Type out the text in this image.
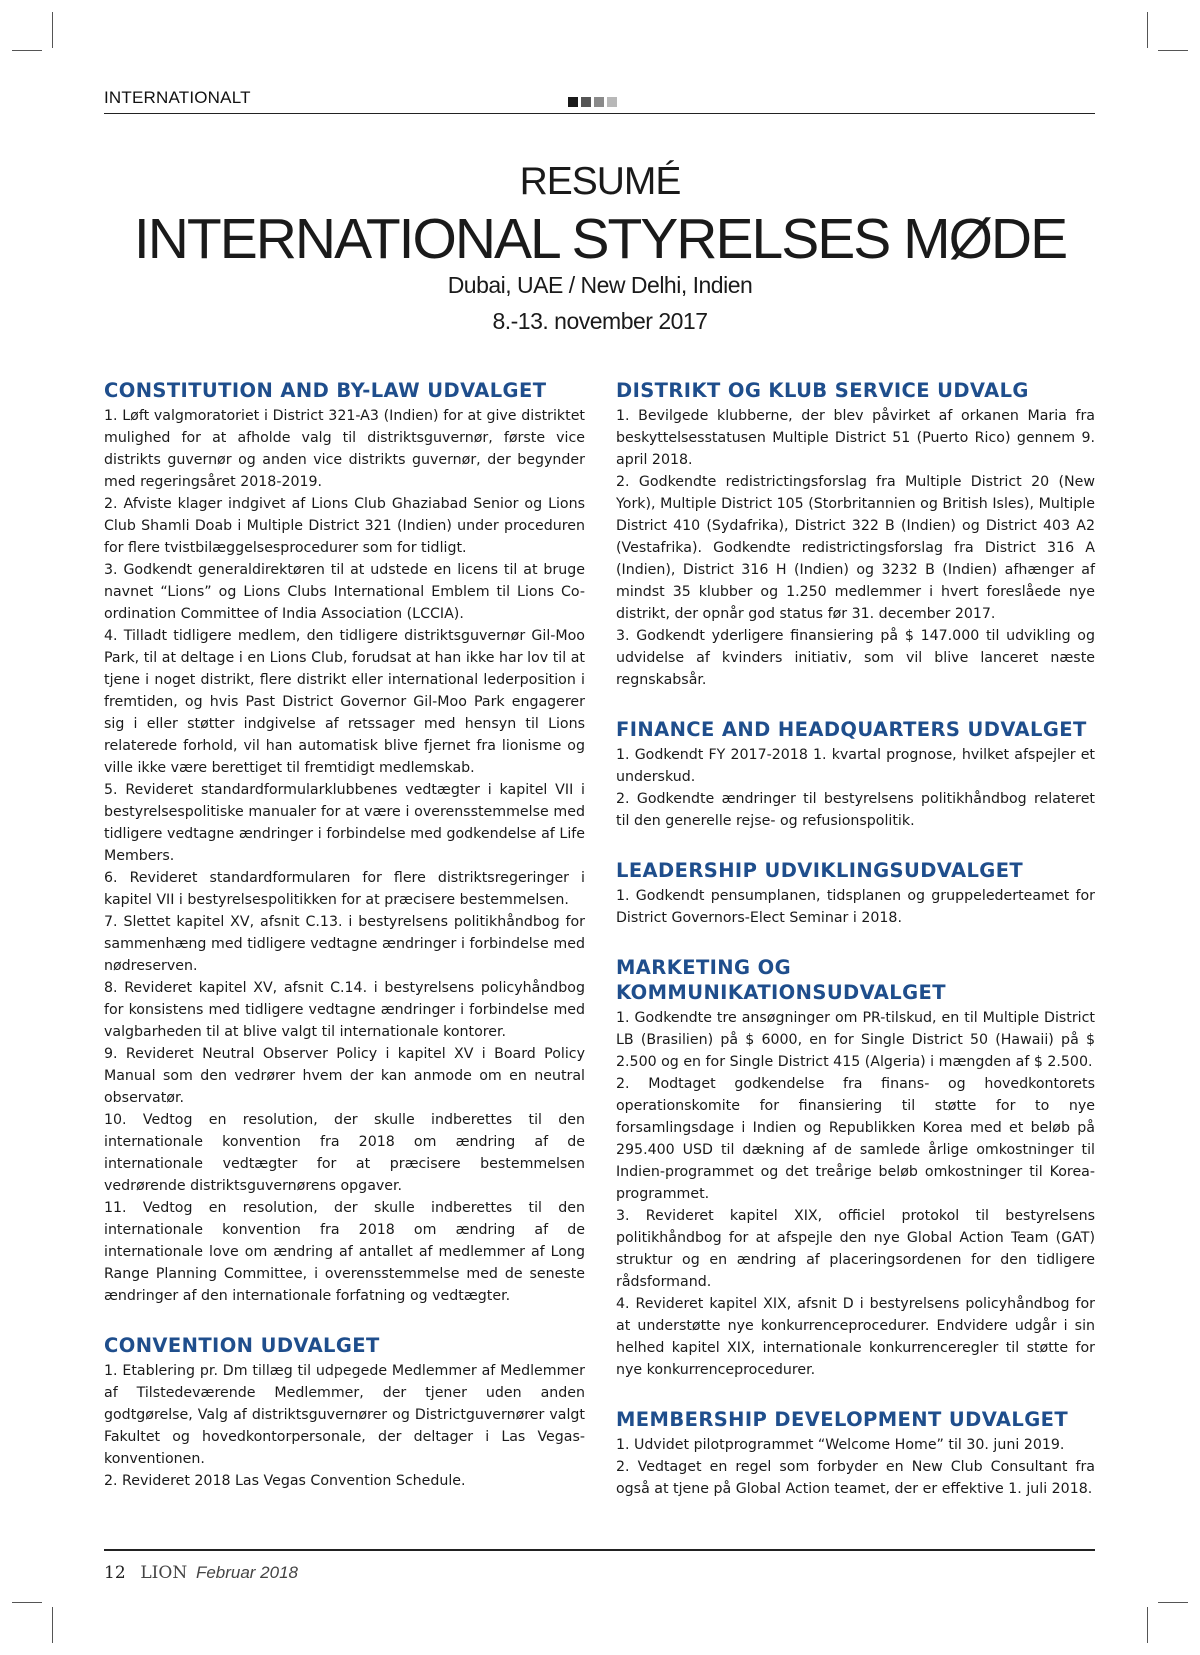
INTERNATIONALT
RESUMÉ
INTERNATIONAL STYRELSES MØDE
Dubai, UAE / New Delhi, Indien
8.-13. november 2017
CONSTITUTION AND BY-LAW UDVALGET

1. Løft valgmoratoriet i District 321-A3 (Indien) for at give distriktet mulighed for at afholde valg til distriktsguvernør, første vice distrikts guvernør og anden vice distrikts guvernør, der begynder med regeringsåret 2018-2019.

2. Afviste klager indgivet af Lions Club Ghaziabad Senior og Lions Club Shamli Doab i Multiple District 321 (Indien) under proceduren for flere tvistbilæggelsesprocedurer som for tidligt.

3. Godkendt generaldirektøren til at udstede en licens til at bruge navnet “Lions” og Lions Clubs International Emblem til Lions Co-ordination Committee of India Association (LCCIA).

4. Tilladt tidligere medlem, den tidligere distriktsguvernør Gil-Moo Park, til at deltage i en Lions Club, forudsat at han ikke har lov til at tjene i noget distrikt, flere distrikt eller international lederposition i fremtiden, og hvis Past District Governor Gil-Moo Park engagerer sig i eller støtter indgivelse af retssager med hensyn til Lions relaterede forhold, vil han automatisk blive fjernet fra lionisme og ville ikke være berettiget til fremtidigt medlemskab.

5. Revideret standardformularklubbenes vedtægter i kapitel VII i bestyrelsespolitiske manualer for at være i overensstemmelse med tidligere vedtagne ændringer i forbindelse med godkendelse af Life Members.

6. Revideret standardformularen for flere distriktsregeringer i kapitel VII i bestyrelsespolitikken for at præcisere bestemmelsen.

7. Slettet kapitel XV, afsnit C.13. i bestyrelsens politikhåndbog for sammenhæng med tidligere vedtagne ændringer i forbindelse med nødreserven.

8. Revideret kapitel XV, afsnit C.14. i bestyrelsens policyhåndbog for konsistens med tidligere vedtagne ændringer i forbindelse med valgbarheden til at blive valgt til internationale kontorer.

9. Revideret Neutral Observer Policy i kapitel XV i Board Policy Manual som den vedrører hvem der kan anmode om en neutral observatør.

10. Vedtog en resolution, der skulle indberettes til den internationale konvention fra 2018 om ændring af de internationale vedtægter for at præcisere bestemmelsen vedrørende distriktsguvernørens opgaver.

11. Vedtog en resolution, der skulle indberettes til den internationale konvention fra 2018 om ændring af de internationale love om ændring af antallet af medlemmer af Long Range Planning Committee, i overensstemmelse med de seneste ændringer af den internationale forfatning og vedtægter.

CONVENTION UDVALGET

1. Etablering pr. Dm tillæg til udpegede Medlemmer af Medlemmer af Tilstedeværende Medlemmer, der tjener uden anden godtgørelse, Valg af distriktsguvernører og Districtguvernører valgt Fakultet og hovedkontorpersonale, der deltager i Las Vegas-konventionen.

2. Revideret 2018 Las Vegas Convention Schedule.

DISTRIKT OG KLUB SERVICE UDVALG

1. Bevilgede klubberne, der blev påvirket af orkanen Maria fra beskyttelsesstatusen Multiple District 51 (Puerto Rico) gennem 9. april 2018.

2. Godkendte redistrictingsforslag fra Multiple District 20 (New York), Multiple District 105 (Storbritannien og British Isles), Multiple District 410 (Sydafrika), District 322 B (Indien) og District 403 A2 (Vestafrika). Godkendte redistrictingsforslag fra District 316 A (Indien), District 316 H (Indien) og 3232 B (Indien) afhænger af mindst 35 klubber og 1.250 medlemmer i hvert foreslåede nye distrikt, der opnår god status før 31. december 2017.

3. Godkendt yderligere finansiering på $ 147.000 til udvikling og udvidelse af kvinders initiativ, som vil blive lanceret næste regnskabsår.

FINANCE AND HEADQUARTERS UDVALGET

1. Godkendt FY 2017-2018 1. kvartal prognose, hvilket afspejler et underskud.

2. Godkendte ændringer til bestyrelsens politikhåndbog relateret til den generelle rejse- og refusionspolitik.

LEADERSHIP UDVIKLINGSUDVALGET

1. Godkendt pensumplanen, tidsplanen og gruppelederteamet for District Governors-Elect Seminar i 2018.

MARKETING OG KOMMUNIKATIONSUDVALGET

1. Godkendte tre ansøgninger om PR-tilskud, en til Multiple District LB (Brasilien) på $ 6000, en for Single District 50 (Hawaii) på $ 2.500 og en for Single District 415 (Algeria) i mængden af $ 2.500.

2. Modtaget godkendelse fra finans- og hovedkontorets operationskomite for finansiering til støtte for to nye forsamlingsdage i Indien og Republikken Korea med et beløb på 295.400 USD til dækning af de samlede årlige omkostninger til Indien-programmet og det treårige beløb omkostninger til Korea-programmet.

3. Revideret kapitel XIX, officiel protokol til bestyrelsens politikhåndbog for at afspejle den nye Global Action Team (GAT) struktur og en ændring af placeringsordenen for den tidligere rådsformand.

4. Revideret kapitel XIX, afsnit D i bestyrelsens policyhåndbog for at understøtte nye konkurrenceprocedurer. Endvidere udgår i sin helhed kapitel XIX, internationale konkurrenceregler til støtte for nye konkurrenceprocedurer.

MEMBERSHIP DEVELOPMENT UDVALGET

1. Udvidet pilotprogrammet “Welcome Home” til 30. juni 2019.

2. Vedtaget en regel som forbyder en New Club Consultant fra også at tjene på Global Action teamet, der er effektive 1. juli 2018.

12 LION Februar 2018
